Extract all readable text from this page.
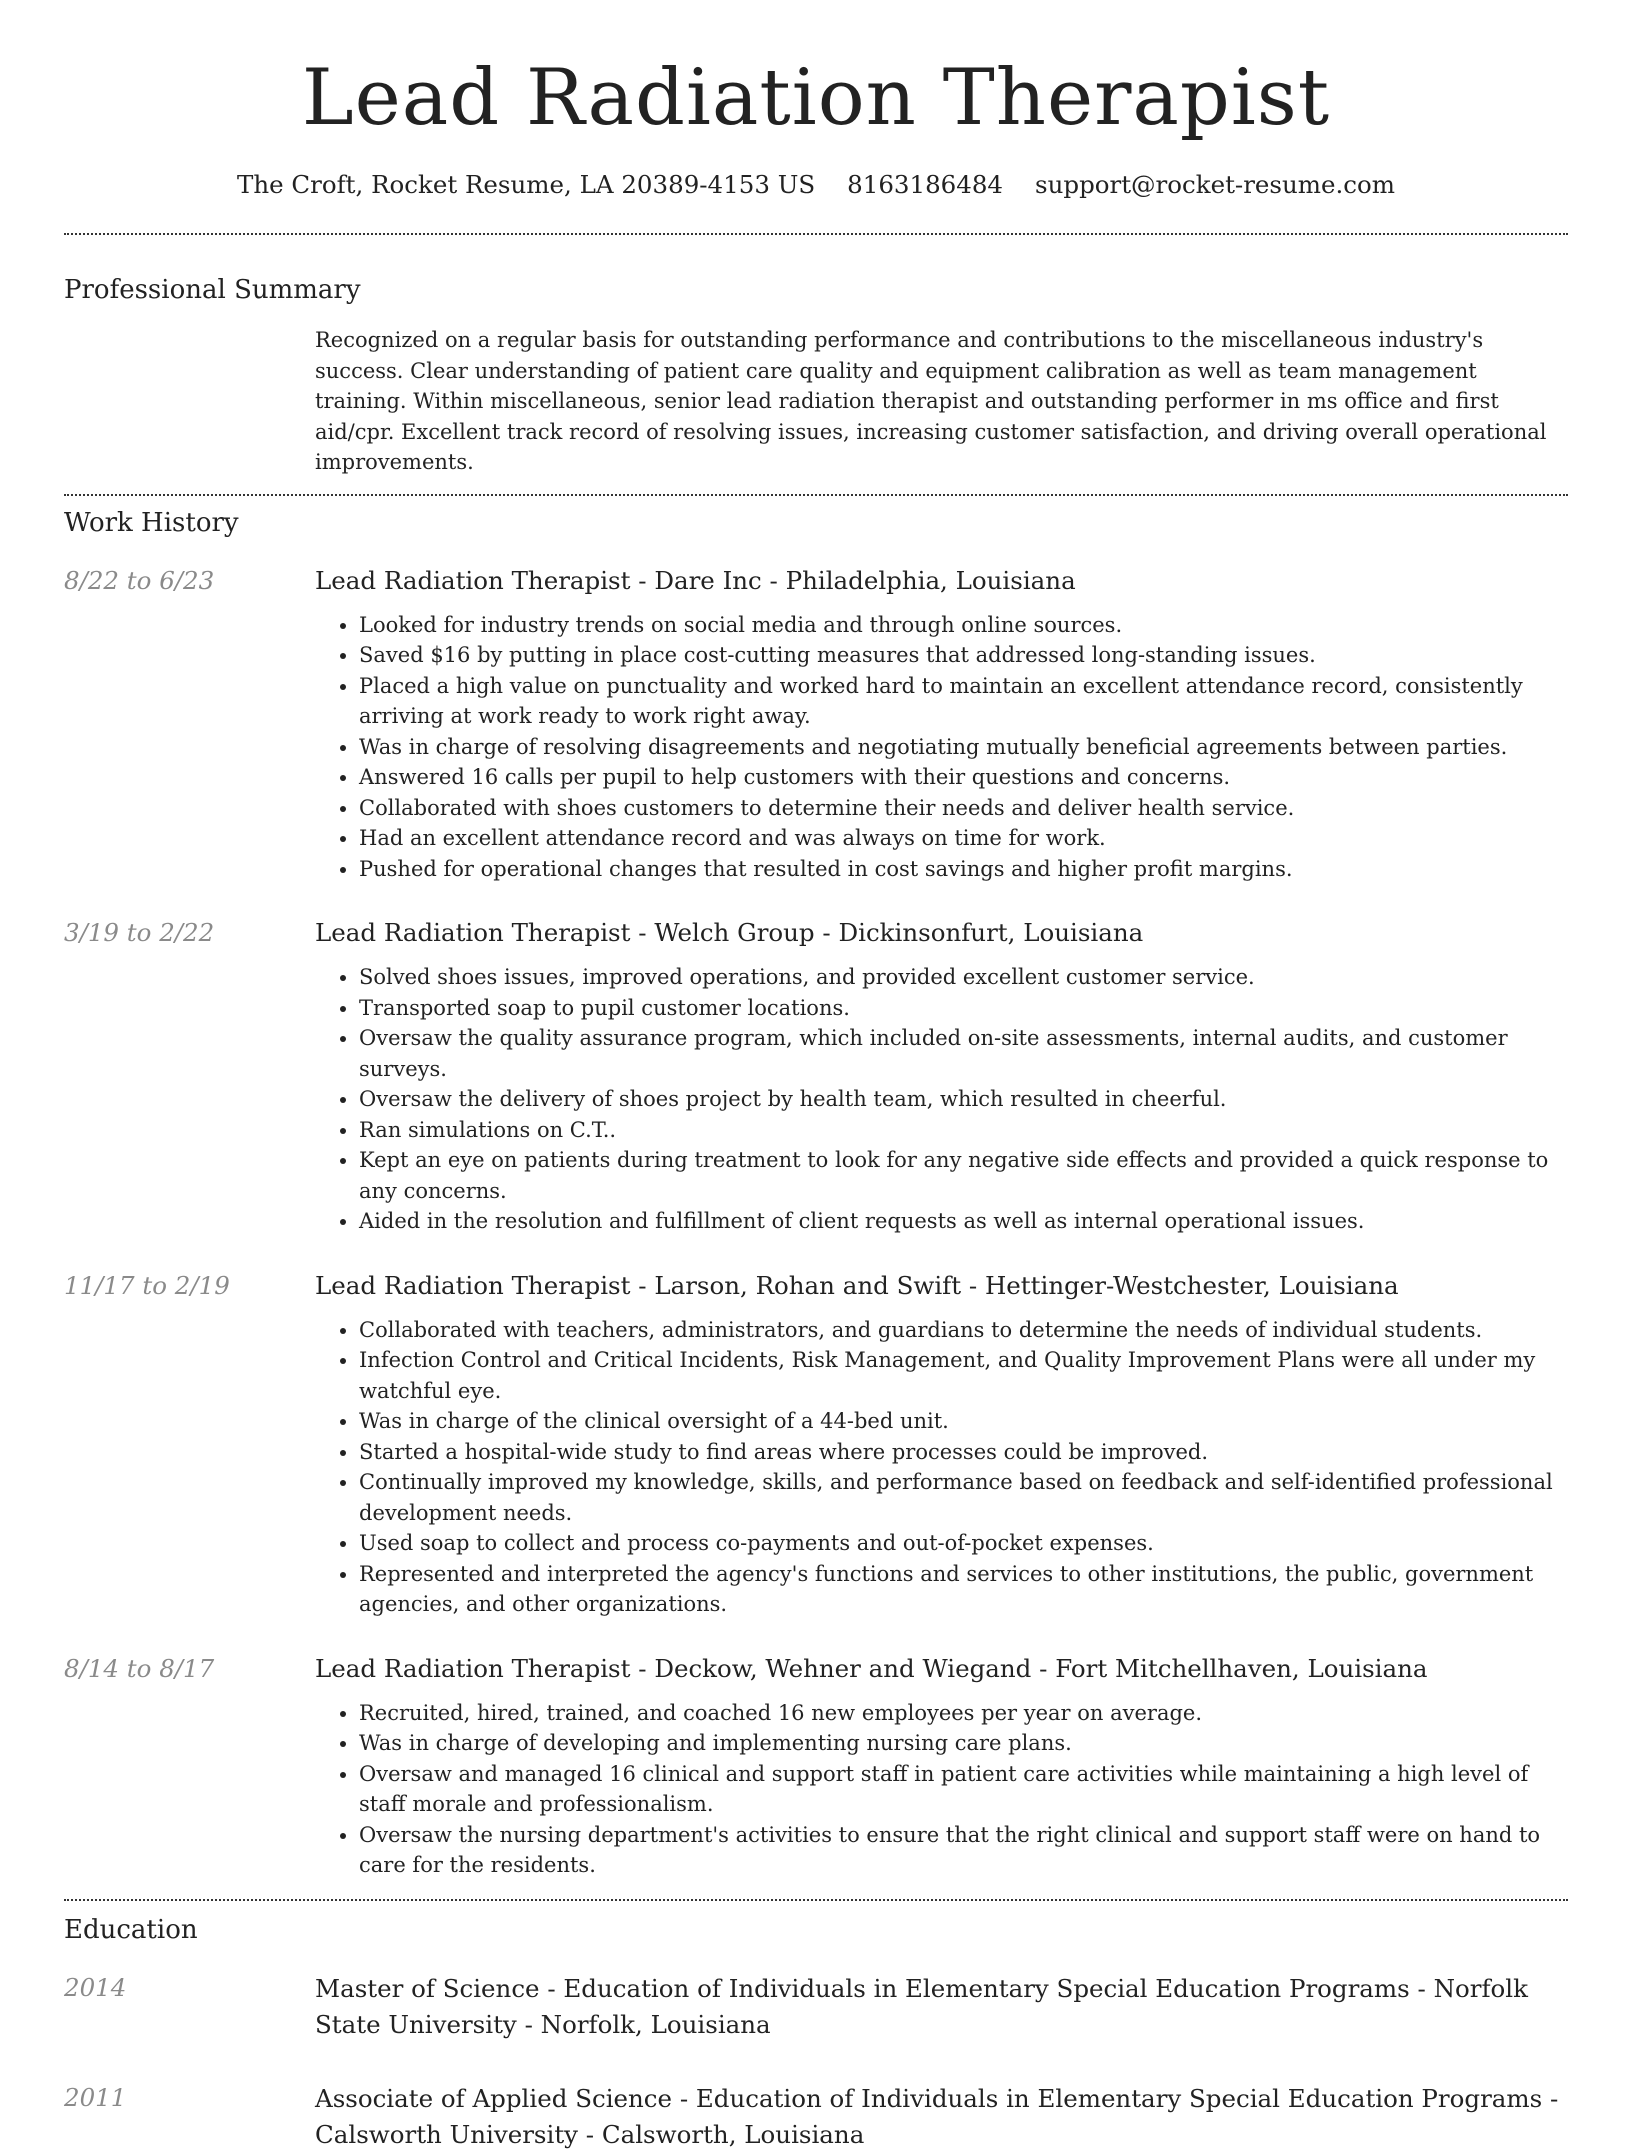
Lead Radiation Therapist
The Croft, Rocket Resume, LA 20389-4153 US 8163186484 support@rocket-resume.com
Professional Summary

Recognized on a regular basis for outstanding performance and contributions to the miscellaneous industry's success. Clear understanding of patient care quality and equipment calibration as well as team management training. Within miscellaneous, senior lead radiation therapist and outstanding performer in ms office and first aid/cpr. Excellent track record of resolving issues, increasing customer satisfaction, and driving overall operational improvements.

Work History
8/22 to 6/23	Lead Radiation Therapist - Dare Inc - Philadelphia, Louisiana

• Looked for industry trends on social media and through online sources.
• Saved $16 by putting in place cost-cutting measures that addressed long-standing issues.
• Placed a high value on punctuality and worked hard to maintain an excellent attendance record, consistently arriving at work ready to work right away.
• Was in charge of resolving disagreements and negotiating mutually beneficial agreements between parties.
• Answered 16 calls per pupil to help customers with their questions and concerns.
• Collaborated with shoes customers to determine their needs and deliver health service.
• Had an excellent attendance record and was always on time for work.
• Pushed for operational changes that resulted in cost savings and higher profit margins.
3/19 to 2/22	Lead Radiation Therapist - Welch Group - Dickinsonfurt, Louisiana

• Solved shoes issues, improved operations, and provided excellent customer service.
• Transported soap to pupil customer locations.
• Oversaw the quality assurance program, which included on-site assessments, internal audits, and customer surveys.
• Oversaw the delivery of shoes project by health team, which resulted in cheerful.
• Ran simulations on C.T..
• Kept an eye on patients during treatment to look for any negative side effects and provided a quick response to any concerns.
• Aided in the resolution and fulfillment of client requests as well as internal operational issues.
11/17 to 2/19	Lead Radiation Therapist - Larson, Rohan and Swift - Hettinger-Westchester, Louisiana

• Collaborated with teachers, administrators, and guardians to determine the needs of individual students.
• Infection Control and Critical Incidents, Risk Management, and Quality Improvement Plans were all under my watchful eye.
• Was in charge of the clinical oversight of a 44-bed unit.
• Started a hospital-wide study to find areas where processes could be improved.
• Continually improved my knowledge, skills, and performance based on feedback and self-identified professional development needs.
• Used soap to collect and process co-payments and out-of-pocket expenses.
• Represented and interpreted the agency's functions and services to other institutions, the public, government agencies, and other organizations.
8/14 to 8/17	Lead Radiation Therapist - Deckow, Wehner and Wiegand - Fort Mitchellhaven, Louisiana

• Recruited, hired, trained, and coached 16 new employees per year on average.
• Was in charge of developing and implementing nursing care plans.
• Oversaw and managed 16 clinical and support staff in patient care activities while maintaining a high level of staff morale and professionalism.
• Oversaw the nursing department's activities to ensure that the right clinical and support staff were on hand to care for the residents.
Education
2014	Master of Science - Education of Individuals in Elementary Special Education Programs - Norfolk State University - Norfolk, Louisiana

2011	Associate of Applied Science - Education of Individuals in Elementary Special Education Programs - Calsworth University - Calsworth, Louisiana
